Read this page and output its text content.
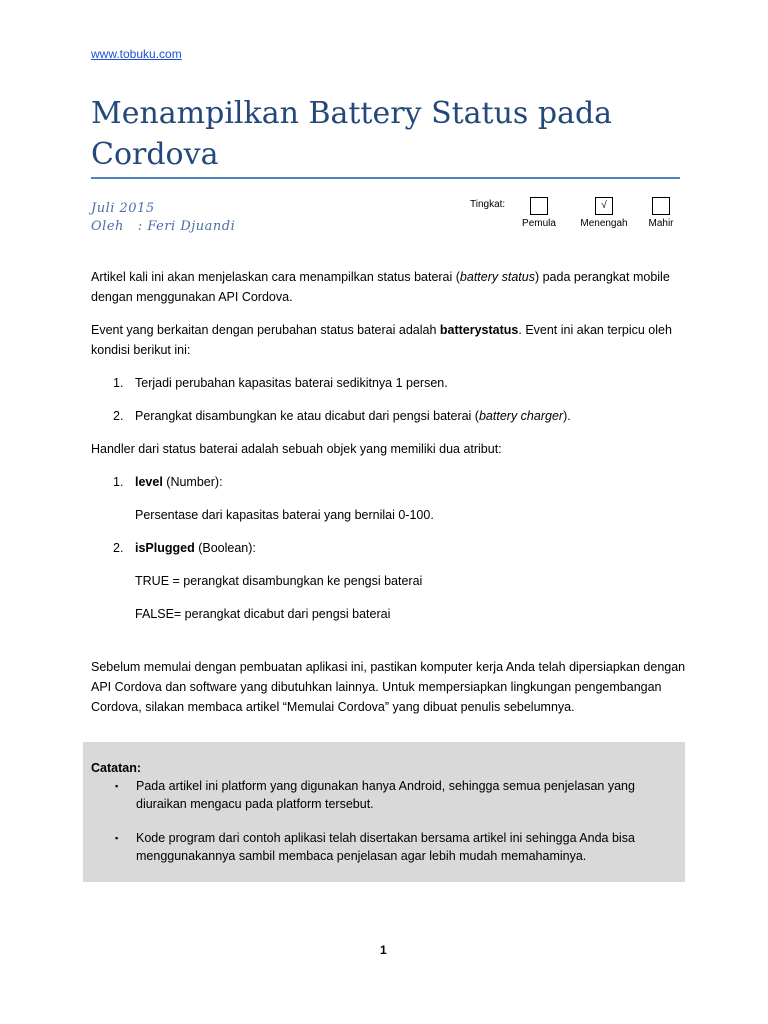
www.tobuku.com
Menampilkan Battery Status pada Cordova
Juli 2015
Oleh   : Feri Djuandi
Tingkat:
Pemula
√
Menengah	Mahir

Artikel kali ini akan menjelaskan cara menampilkan status baterai (battery status) pada perangkat mobile dengan menggunakan API Cordova.

Event yang berkaitan dengan perubahan status baterai adalah batterystatus. Event ini akan terpicu oleh kondisi berikut ini:

1. Terjadi perubahan kapasitas baterai sedikitnya 1 persen.
2. Perangkat disambungkan ke atau dicabut dari pengsi baterai (battery charger).

Handler dari status baterai adalah sebuah objek yang memiliki dua atribut:

1. level (Number):

Persentase dari kapasitas baterai yang bernilai 0-100.

2. isPlugged (Boolean):

TRUE = perangkat disambungkan ke pengsi baterai

FALSE= perangkat dicabut dari pengsi baterai

Sebelum memulai dengan pembuatan aplikasi ini, pastikan komputer kerja Anda telah dipersiapkan dengan API Cordova dan software yang dibutuhkan lainnya. Untuk mempersiapkan lingkungan pengembangan Cordova, silakan membaca artikel “Memulai Cordova” yang dibuat penulis sebelumnya.

Catatan:
▪ Pada artikel ini platform yang digunakan hanya Android, sehingga semua penjelasan yang diuraikan mengacu pada platform tersebut.
▪ Kode program dari contoh aplikasi telah disertakan bersama artikel ini sehingga Anda bisa menggunakannya sambil membaca penjelasan agar lebih mudah memahaminya.
1
